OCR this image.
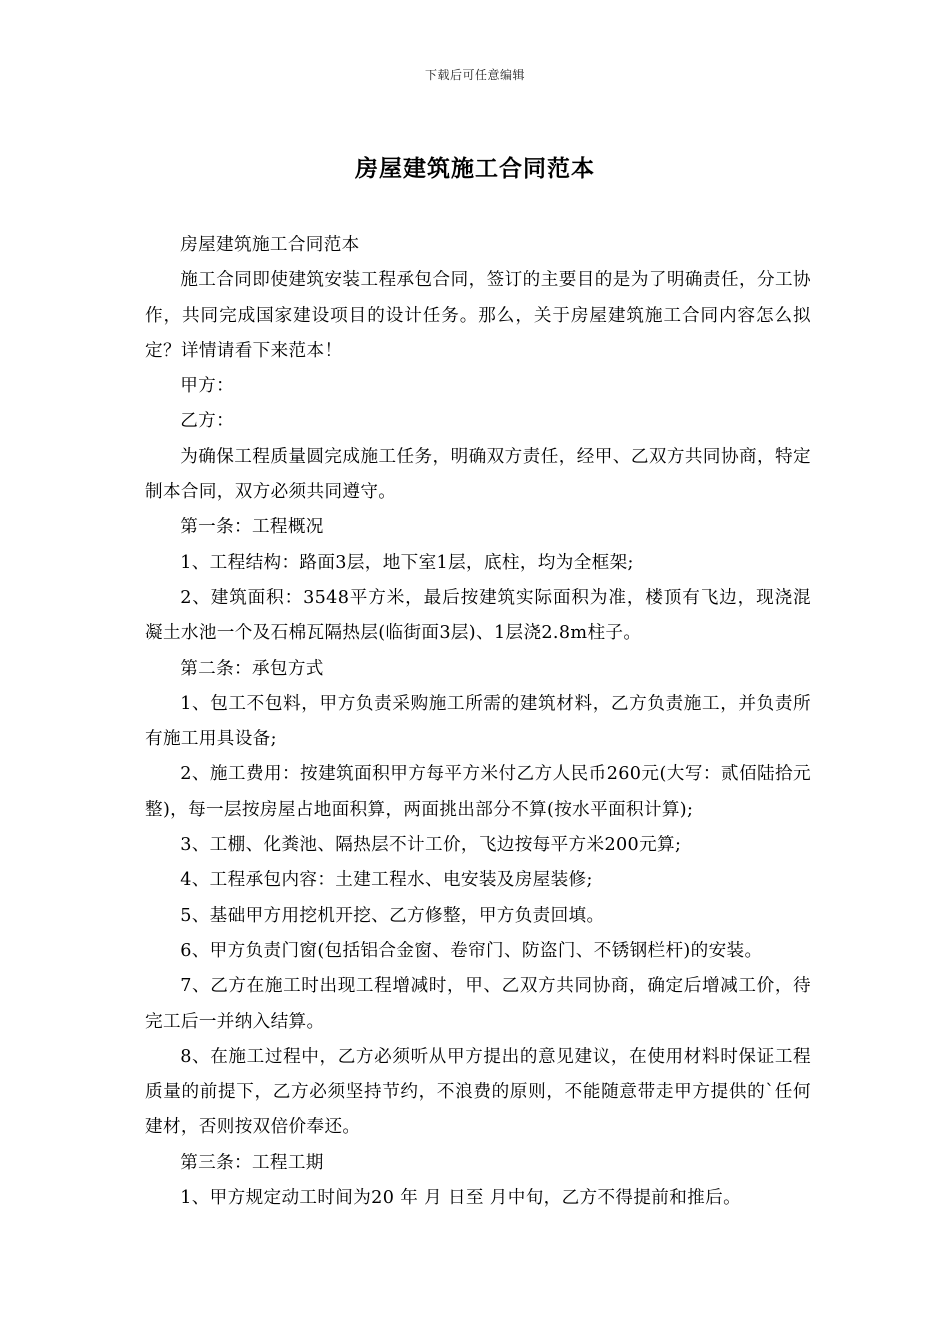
下载后可任意编辑
房屋建筑施工合同范本

房屋建筑施工合同范本

施工合同即使建筑安装工程承包合同，签订的主要目的是为了明确责任，分工协作，共同完成国家建设项目的设计任务。那么，关于房屋建筑施工合同内容怎么拟定？详情请看下来范本！

甲方：

乙方：

为确保工程质量圆完成施工任务，明确双方责任，经甲、乙双方共同协商，特定制本合同，双方必须共同遵守。

第一条：工程概况

1、工程结构：路面3层，地下室1层，底柱，均为全框架;

2、建筑面积：3548平方米，最后按建筑实际面积为准，楼顶有飞边，现浇混凝土水池一个及石棉瓦隔热层(临街面3层)、1层浇2.8m柱子。

第二条：承包方式

1、包工不包料，甲方负责采购施工所需的建筑材料，乙方负责施工，并负责所有施工用具设备;

2、施工费用：按建筑面积甲方每平方米付乙方人民币260元(大写：贰佰陆拾元整)，每一层按房屋占地面积算，两面挑出部分不算(按水平面积计算);

3、工棚、化粪池、隔热层不计工价，飞边按每平方米200元算;

4、工程承包内容：土建工程水、电安装及房屋装修;

5、基础甲方用挖机开挖、乙方修整，甲方负责回填。

6、甲方负责门窗(包括铝合金窗、卷帘门、防盗门、不锈钢栏杆)的安装。

7、乙方在施工时出现工程增减时，甲、乙双方共同协商，确定后增减工价，待完工后一并纳入结算。

8、在施工过程中，乙方必须听从甲方提出的意见建议，在使用材料时保证工程质量的前提下，乙方必须坚持节约，不浪费的原则，不能随意带走甲方提供的`任何建材，否则按双倍价奉还。

第三条：工程工期

1、甲方规定动工时间为20 年 月 日至 月中旬，乙方不得提前和推后。
